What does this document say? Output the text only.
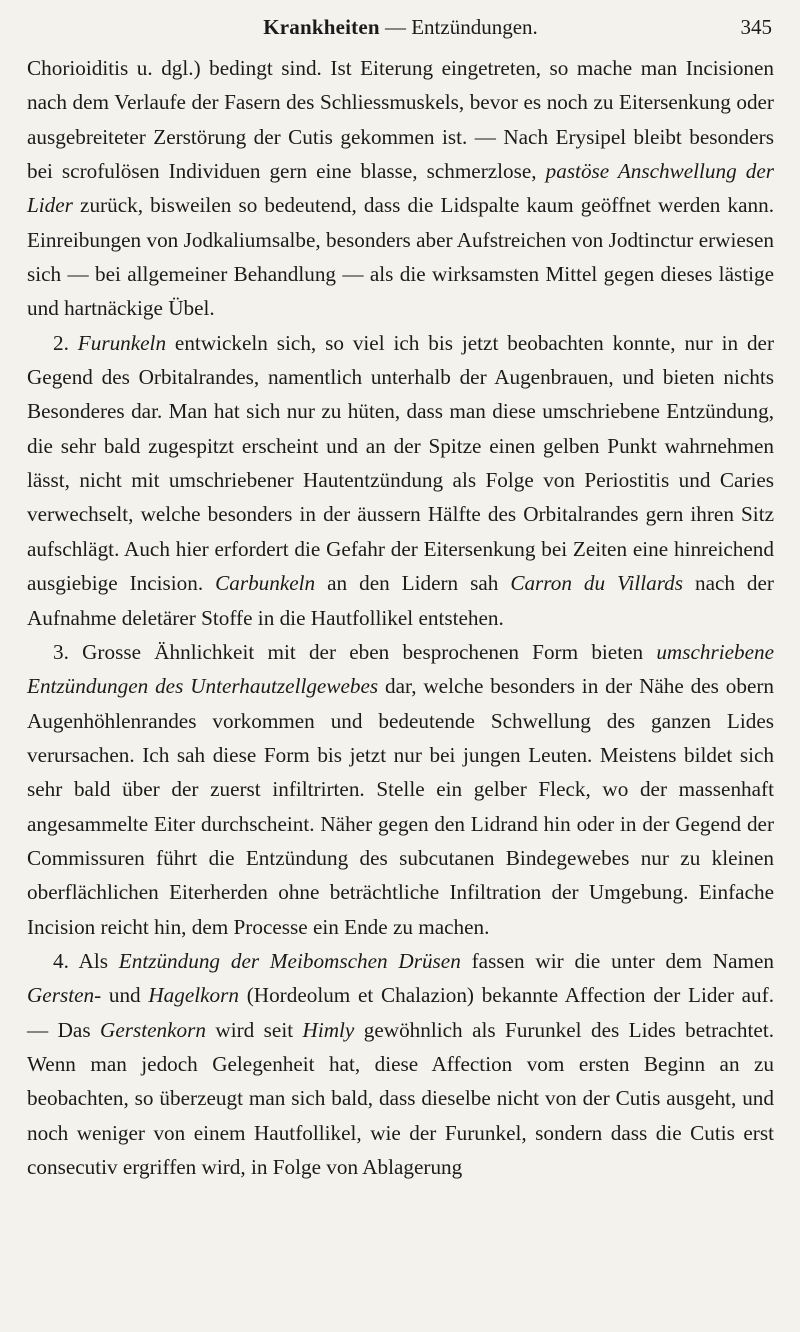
Krankheiten — Entzündungen.	345

Chorioiditis u. dgl.) bedingt sind. Ist Eiterung eingetreten, so mache man Incisionen nach dem Verlaufe der Fasern des Schliessmuskels, bevor es noch zu Eitersenkung oder ausgebreiteter Zerstörung der Cutis gekommen ist. — Nach Erysipel bleibt besonders bei scrofulösen Individuen gern eine blasse, schmerzlose, pastöse Anschwellung der Lider zurück, bisweilen so bedeutend, dass die Lidspalte kaum geöffnet werden kann. Einreibungen von Jodkaliumsalbe, besonders aber Aufstreichen von Jodtinctur erwiesen sich — bei allgemeiner Behandlung — als die wirksamsten Mittel gegen dieses lästige und hartnäckige Übel.

2. Furunkeln entwickeln sich, so viel ich bis jetzt beobachten konnte, nur in der Gegend des Orbitalrandes, namentlich unterhalb der Augenbrauen, und bieten nichts Besonderes dar. Man hat sich nur zu hüten, dass man diese umschriebene Entzündung, die sehr bald zugespitzt erscheint und an der Spitze einen gelben Punkt wahrnehmen lässt, nicht mit umschriebener Hautentzündung als Folge von Periostitis und Caries verwechselt, welche besonders in der äussern Hälfte des Orbitalrandes gern ihren Sitz aufschlägt. Auch hier erfordert die Gefahr der Eitersenkung bei Zeiten eine hinreichend ausgiebige Incision. Carbunkeln an den Lidern sah Carron du Villards nach der Aufnahme deletärer Stoffe in die Hautfollikel entstehen.

3. Grosse Ähnlichkeit mit der eben besprochenen Form bieten umschriebene Entzündungen des Unterhautzellgewebes dar, welche besonders in der Nähe des obern Augenhöhlenrandes vorkommen und bedeutende Schwellung des ganzen Lides verursachen. Ich sah diese Form bis jetzt nur bei jungen Leuten. Meistens bildet sich sehr bald über der zuerst infiltrirten. Stelle ein gelber Fleck, wo der massenhaft angesammelte Eiter durchscheint. Näher gegen den Lidrand hin oder in der Gegend der Commissuren führt die Entzündung des subcutanen Bindegewebes nur zu kleinen oberflächlichen Eiterherden ohne beträchtliche Infiltration der Umgebung. Einfache Incision reicht hin, dem Processe ein Ende zu machen.

4. Als Entzündung der Meibomschen Drüsen fassen wir die unter dem Namen Gersten- und Hagelkorn (Hordeolum et Chalazion) bekannte Affection der Lider auf. — Das Gerstenkorn wird seit Himly gewöhnlich als Furunkel des Lides betrachtet. Wenn man jedoch Gelegenheit hat, diese Affection vom ersten Beginn an zu beobachten, so überzeugt man sich bald, dass dieselbe nicht von der Cutis ausgeht, und noch weniger von einem Hautfollikel, wie der Furunkel, sondern dass die Cutis erst consecutiv ergriffen wird, in Folge von Ablagerung
